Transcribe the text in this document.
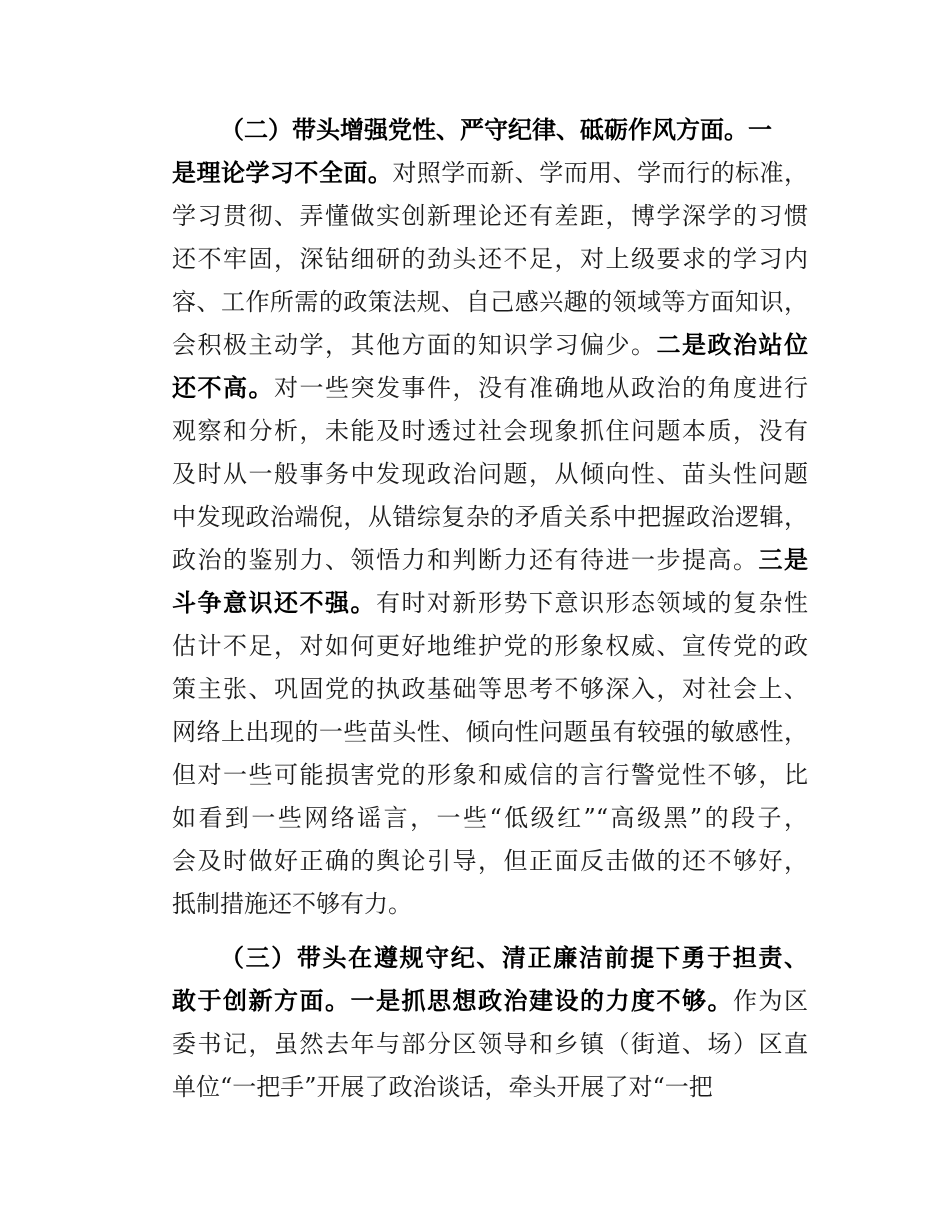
（二）带头增强党性、严守纪律、砥砺作风方面。一
是理论学习不全面。对照学而新、学而用、学而行的标准，
学习贯彻、弄懂做实创新理论还有差距，博学深学的习惯
还不牢固，深钻细研的劲头还不足，对上级要求的学习内
容、工作所需的政策法规、自己感兴趣的领域等方面知识，
会积极主动学，其他方面的知识学习偏少。二是政治站位
还不高。对一些突发事件，没有准确地从政治的角度进行
观察和分析，未能及时透过社会现象抓住问题本质，没有
及时从一般事务中发现政治问题，从倾向性、苗头性问题
中发现政治端倪，从错综复杂的矛盾关系中把握政治逻辑，
政治的鉴别力、领悟力和判断力还有待进一步提高。三是
斗争意识还不强。有时对新形势下意识形态领域的复杂性
估计不足，对如何更好地维护党的形象权威、宣传党的政
策主张、巩固党的执政基础等思考不够深入，对社会上、
网络上出现的一些苗头性、倾向性问题虽有较强的敏感性，
但对一些可能损害党的形象和威信的言行警觉性不够，比
如看到一些网络谣言，一些“低级红”“高级黑”的段子，
会及时做好正确的舆论引导，但正面反击做的还不够好，
抵制措施还不够有力。
（三）带头在遵规守纪、清正廉洁前提下勇于担责、
敢于创新方面。一是抓思想政治建设的力度不够。作为区
委书记，虽然去年与部分区领导和乡镇（街道、场）区直
单位“一把手”开展了政治谈话，牵头开展了对“一把
